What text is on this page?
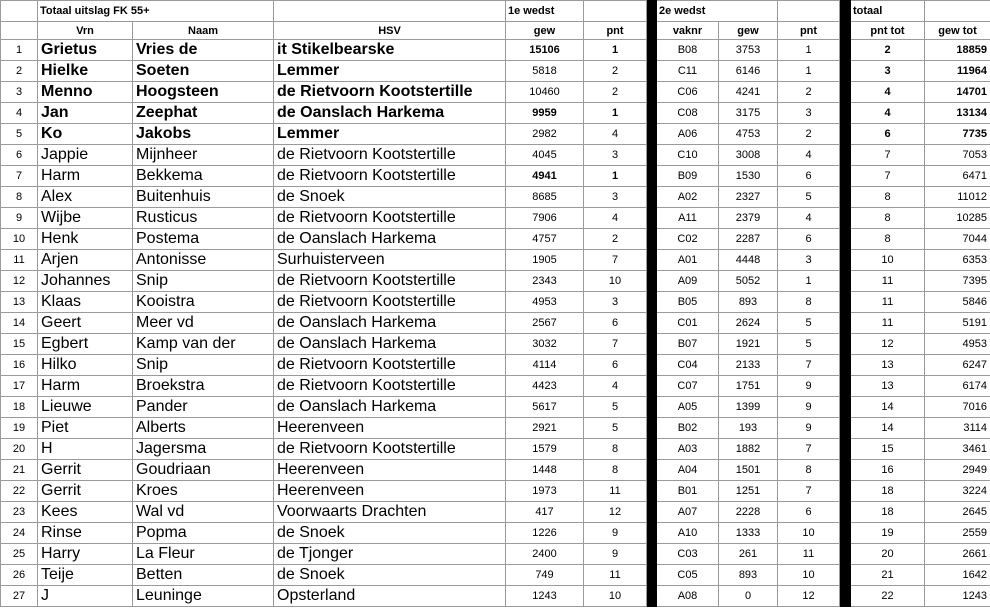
	Totaal uitslag FK 55+			1e wedst			2e wedst				totaal	
	Vrn	Naam	HSV	gew	pnt		vaknr	gew	pnt		pnt tot	gew tot
1	Grietus	Vries de	it Stikelbearske	15106	1		B08	3753	1		2	18859
2	Hielke	Soeten	Lemmer	5818	2		C11	6146	1		3	11964
3	Menno	Hoogsteen	de Rietvoorn Kootstertille	10460	2		C06	4241	2		4	14701
4	Jan	Zeephat	de Oanslach Harkema	9959	1		C08	3175	3		4	13134
5	Ko	Jakobs	Lemmer	2982	4		A06	4753	2		6	7735
6	Jappie	Mijnheer	de Rietvoorn Kootstertille	4045	3		C10	3008	4		7	7053
7	Harm	Bekkema	de Rietvoorn Kootstertille	4941	1		B09	1530	6		7	6471
8	Alex	Buitenhuis	de Snoek	8685	3		A02	2327	5		8	11012
9	Wijbe	Rusticus	de Rietvoorn Kootstertille	7906	4		A11	2379	4		8	10285
10	Henk	Postema	de Oanslach Harkema	4757	2		C02	2287	6		8	7044
11	Arjen	Antonisse	Surhuisterveen	1905	7		A01	4448	3		10	6353
12	Johannes	Snip	de Rietvoorn Kootstertille	2343	10		A09	5052	1		11	7395
13	Klaas	Kooistra	de Rietvoorn Kootstertille	4953	3		B05	893	8		11	5846
14	Geert	Meer vd	de Oanslach Harkema	2567	6		C01	2624	5		11	5191
15	Egbert	Kamp van der	de Oanslach Harkema	3032	7		B07	1921	5		12	4953
16	Hilko	Snip	de Rietvoorn Kootstertille	4114	6		C04	2133	7		13	6247
17	Harm	Broekstra	de Rietvoorn Kootstertille	4423	4		C07	1751	9		13	6174
18	Lieuwe	Pander	de Oanslach Harkema	5617	5		A05	1399	9		14	7016
19	Piet	Alberts	Heerenveen	2921	5		B02	193	9		14	3114
20	H	Jagersma	de Rietvoorn Kootstertille	1579	8		A03	1882	7		15	3461
21	Gerrit	Goudriaan	Heerenveen	1448	8		A04	1501	8		16	2949
22	Gerrit	Kroes	Heerenveen	1973	11		B01	1251	7		18	3224
23	Kees	Wal vd	Voorwaarts Drachten	417	12		A07	2228	6		18	2645
24	Rinse	Popma	de Snoek	1226	9		A10	1333	10		19	2559
25	Harry	La Fleur	de Tjonger	2400	9		C03	261	11		20	2661
26	Teije	Betten	de Snoek	749	11		C05	893	10		21	1642
27	J	Leuninge	Opsterland	1243	10		A08	0	12		22	1243
